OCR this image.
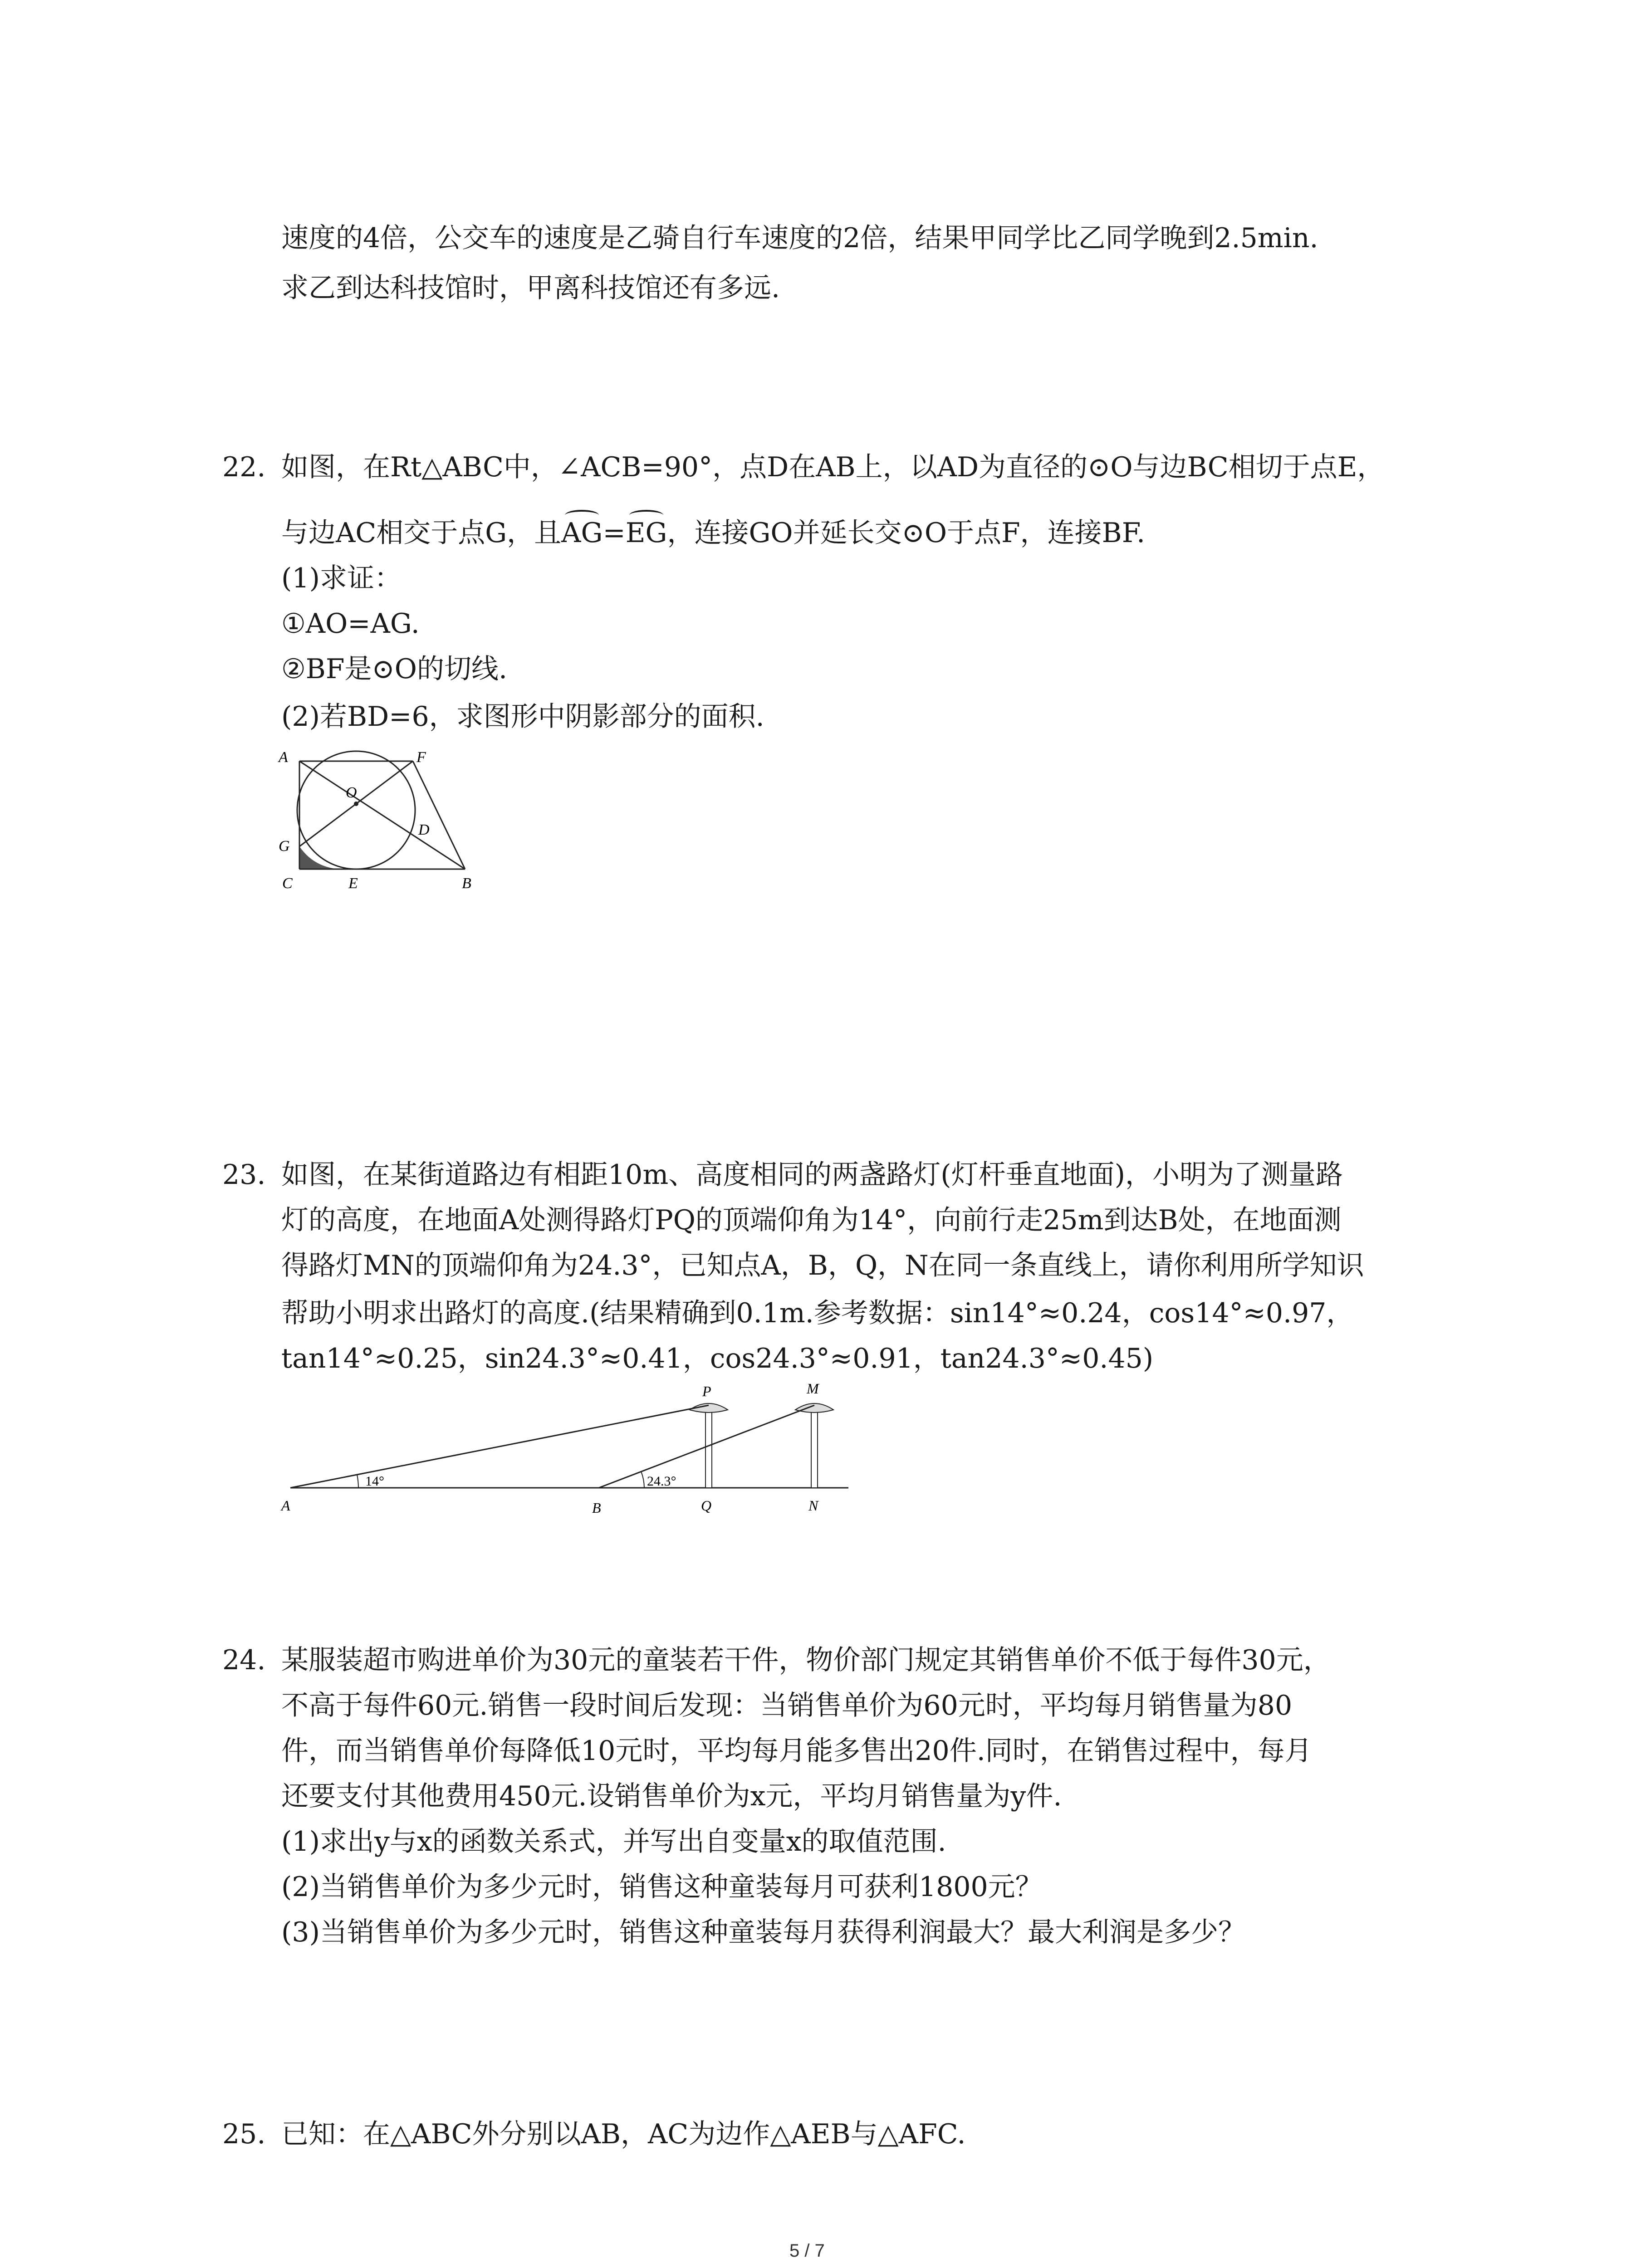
速度的4倍，公交车的速度是乙骑自行车速度的2倍，结果甲同学比乙同学晚到2.5min.
求乙到达科技馆时，甲离科技馆还有多远.
22. 如图，在Rt△ABC中，∠ACB=90°，点D在AB上，以AD为直径的⊙O与边BC相切于点E，
与边AC相交于点G，且AG=EG，连接GO并延长交⊙O于点F，连接BF.
(1)求证：
①AO=AG.
②BF是⊙O的切线.
(2)若BD=6，求图形中阴影部分的面积.
A	F
O
D
G
C	E	B
23. 如图，在某街道路边有相距10m、高度相同的两盏路灯(灯杆垂直地面)，小明为了测量路
灯的高度，在地面A处测得路灯PQ的顶端仰角为14°，向前行走25m到达B处，在地面测
得路灯MN的顶端仰角为24.3°，已知点A，B，Q，N在同一条直线上，请你利用所学知识
帮助小明求出路灯的高度.(结果精确到0.1m.参考数据：sin14°≈0.24，cos14°≈0.97，
tan14°≈0.25，sin24.3°≈0.41，cos24.3°≈0.91，tan24.3°≈0.45)
14°	24.3°
A	B	Q	N
P	M
24. 某服装超市购进单价为30元的童装若干件，物价部门规定其销售单价不低于每件30元，
不高于每件60元.销售一段时间后发现：当销售单价为60元时，平均每月销售量为80
件，而当销售单价每降低10元时，平均每月能多售出20件.同时，在销售过程中，每月
还要支付其他费用450元.设销售单价为x元，平均月销售量为y件.
(1)求出y与x的函数关系式，并写出自变量x的取值范围.
(2)当销售单价为多少元时，销售这种童装每月可获利1800元？
(3)当销售单价为多少元时，销售这种童装每月获得利润最大？最大利润是多少？
25. 已知：在△ABC外分别以AB，AC为边作△AEB与△AFC.
5 / 7
